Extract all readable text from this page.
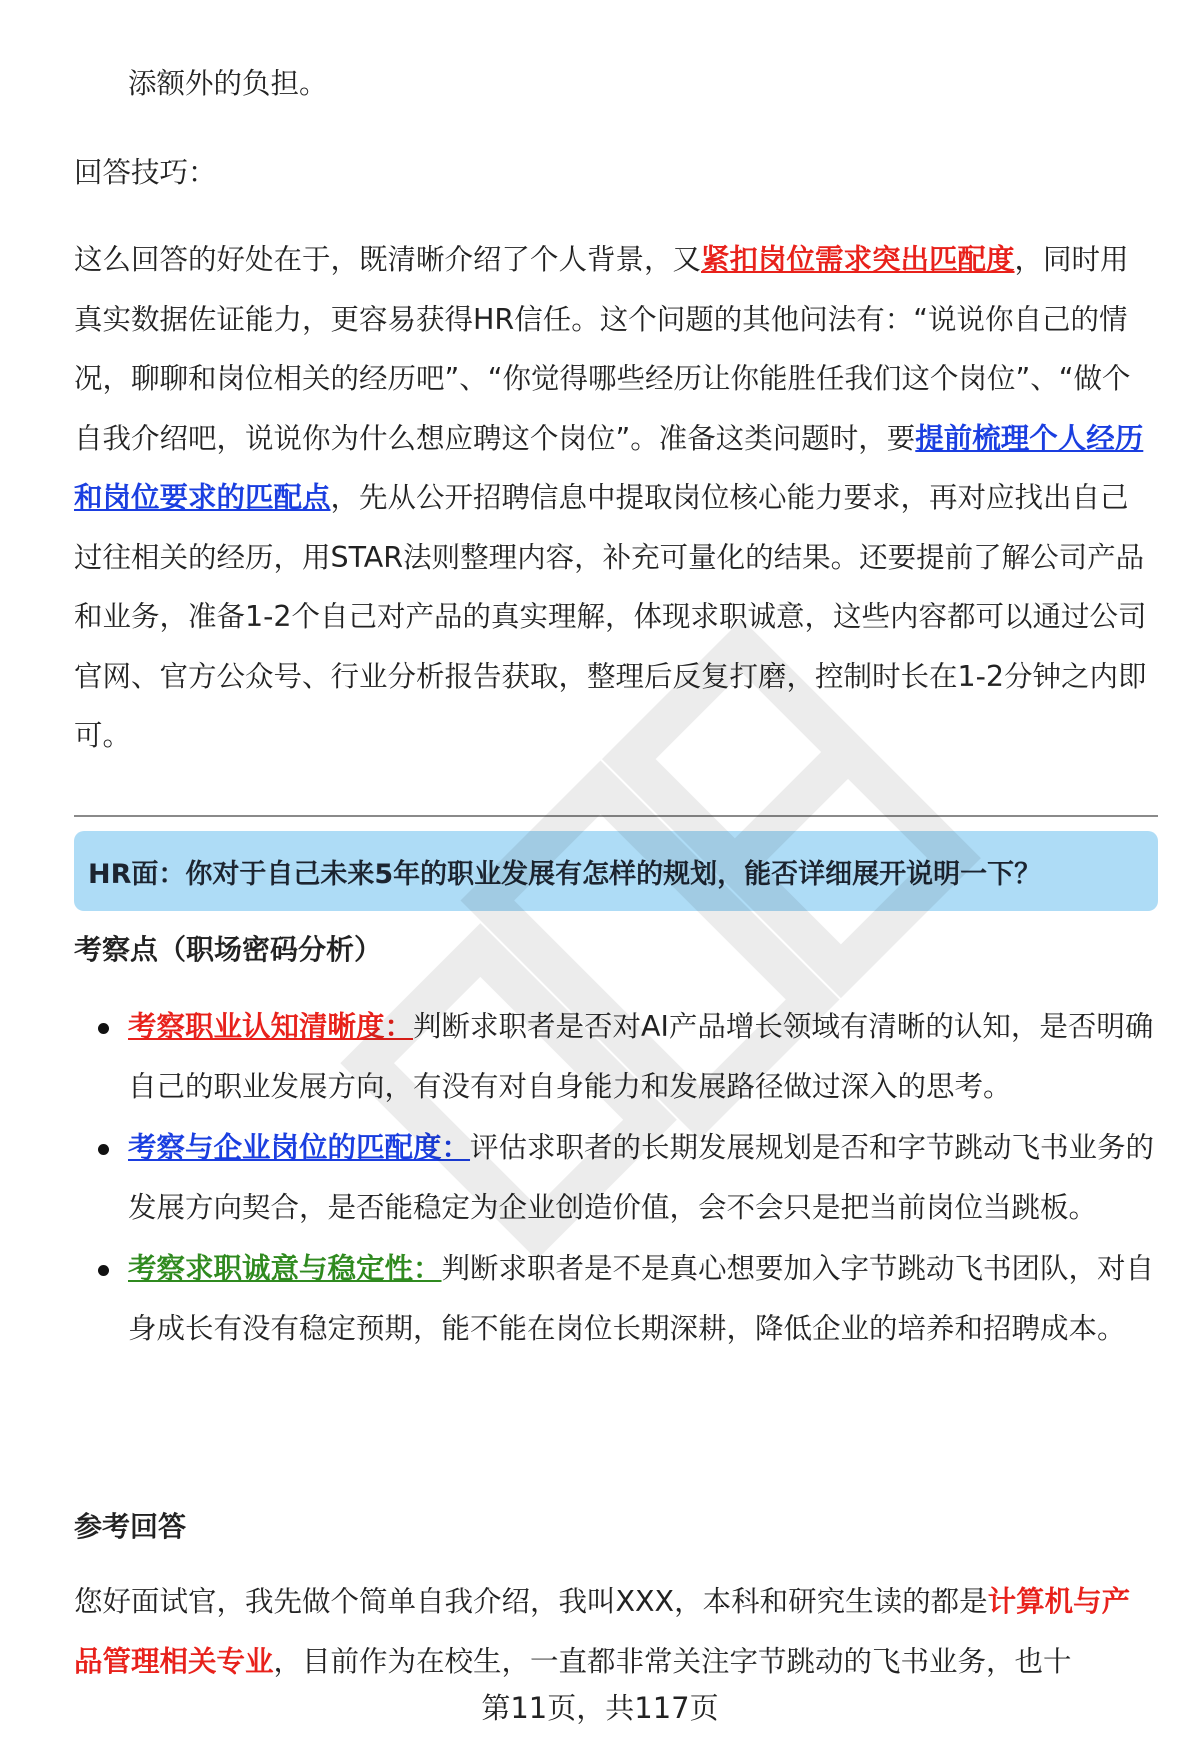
添额外的负担。
回答技巧：
这么回答的好处在于，既清晰介绍了个人背景，又紧扣岗位需求突出匹配度，同时用真实数据佐证能力，更容易获得HR信任。这个问题的其他问法有：“说说你自己的情况，聊聊和岗位相关的经历吧”、“你觉得哪些经历让你能胜任我们这个岗位”、“做个自我介绍吧，说说你为什么想应聘这个岗位”。准备这类问题时，要提前梳理个人经历和岗位要求的匹配点，先从公开招聘信息中提取岗位核心能力要求，再对应找出自己过往相关的经历，用STAR法则整理内容，补充可量化的结果。还要提前了解公司产品和业务，准备1-2个自己对产品的真实理解，体现求职诚意，这些内容都可以通过公司官网、官方公众号、行业分析报告获取，整理后反复打磨，控制时长在1-2分钟之内即可。
HR面：你对于自己未来5年的职业发展有怎样的规划，能否详细展开说明一下？
考察点（职场密码分析）
考察职业认知清晰度：判断求职者是否对AI产品增长领域有清晰的认知，是否明确自己的职业发展方向，有没有对自身能力和发展路径做过深入的思考。
考察与企业岗位的匹配度：评估求职者的长期发展规划是否和字节跳动飞书业务的发展方向契合，是否能稳定为企业创造价值，会不会只是把当前岗位当跳板。
考察求职诚意与稳定性：判断求职者是不是真心想要加入字节跳动飞书团队，对自身成长有没有稳定预期，能不能在岗位长期深耕，降低企业的培养和招聘成本。
参考回答
您好面试官，我先做个简单自我介绍，我叫XXX，本科和研究生读的都是计算机与产品管理相关专业，目前作为在校生，一直都非常关注字节跳动的飞书业务，也十
第11页，共117页
